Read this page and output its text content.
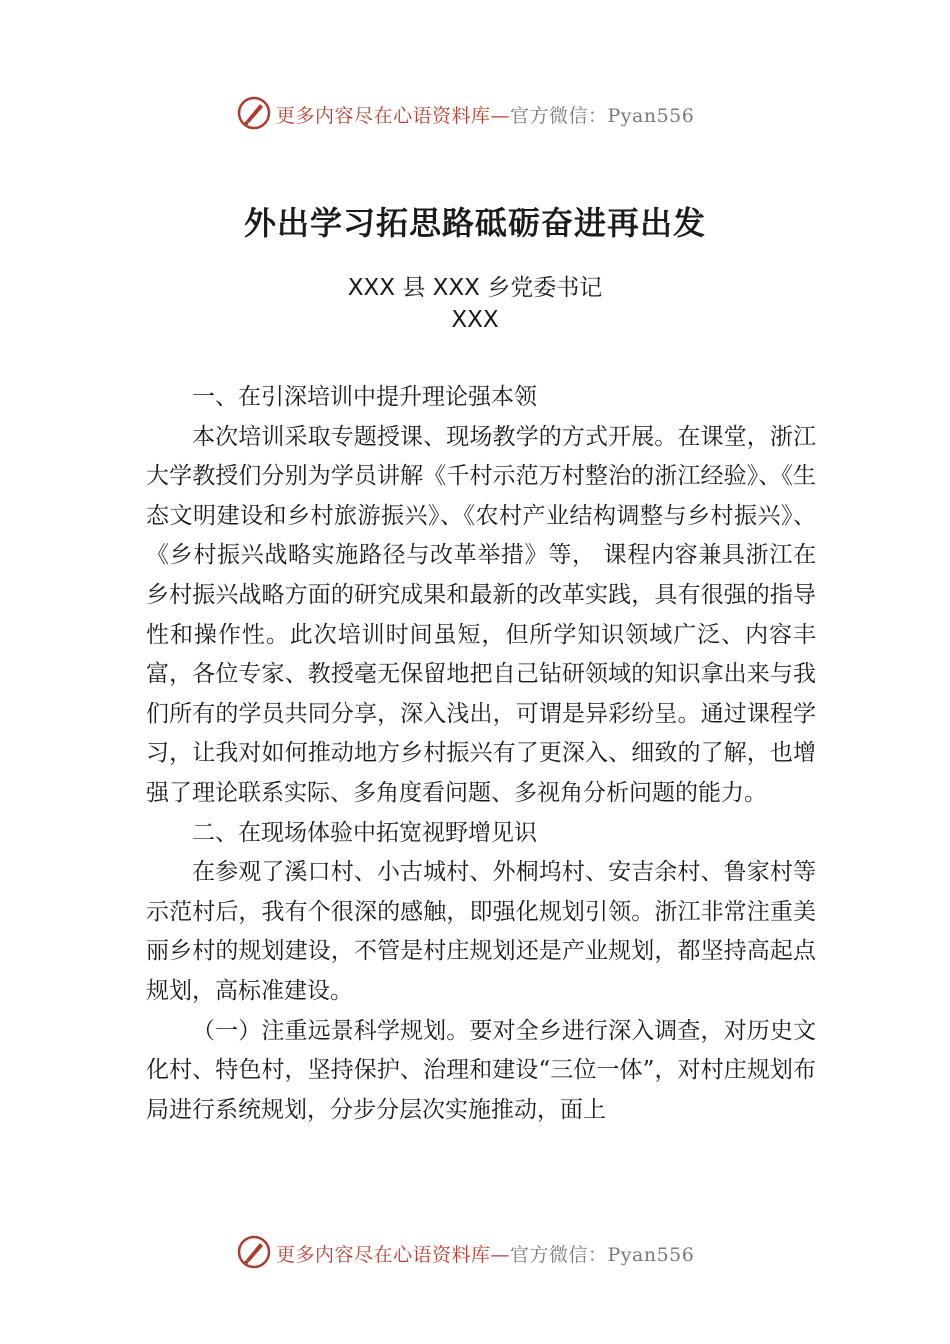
更多内容尽在心语资料库—官方微信：Pyan556
外出学习拓思路砥砺奋进再出发
XXX 县 XXX 乡党委书记
XXX

一、在引深培训中提升理论强本领

本次培训采取专题授课、现场教学的方式开展。在课堂，浙江大学教授们分别为学员讲解《千村示范万村整治的浙江经验》、《生态文明建设和乡村旅游振兴》、《农村产业结构调整与乡村振兴》、《乡村振兴战略实施路径与改革举措》等， 课程内容兼具浙江在乡村振兴战略方面的研究成果和最新的改革实践，具有很强的指导性和操作性。此次培训时间虽短，但所学知识领域广泛、内容丰富，各位专家、教授毫无保留地把自己钻研领域的知识拿出来与我们所有的学员共同分享，深入浅出，可谓是异彩纷呈。通过课程学习，让我对如何推动地方乡村振兴有了更深入、细致的了解，也增强了理论联系实际、多角度看问题、多视角分析问题的能力。

二、在现场体验中拓宽视野增见识

在参观了溪口村、小古城村、外桐坞村、安吉余村、鲁家村等示范村后，我有个很深的感触，即强化规划引领。浙江非常注重美丽乡村的规划建设，不管是村庄规划还是产业规划，都坚持高起点规划，高标准建设。

（一）注重远景科学规划。要对全乡进行深入调查，对历史文化村、特色村，坚持保护、治理和建设“三位一体”，对村庄规划布局进行系统规划，分步分层次实施推动，面上

更多内容尽在心语资料库—官方微信：Pyan556
